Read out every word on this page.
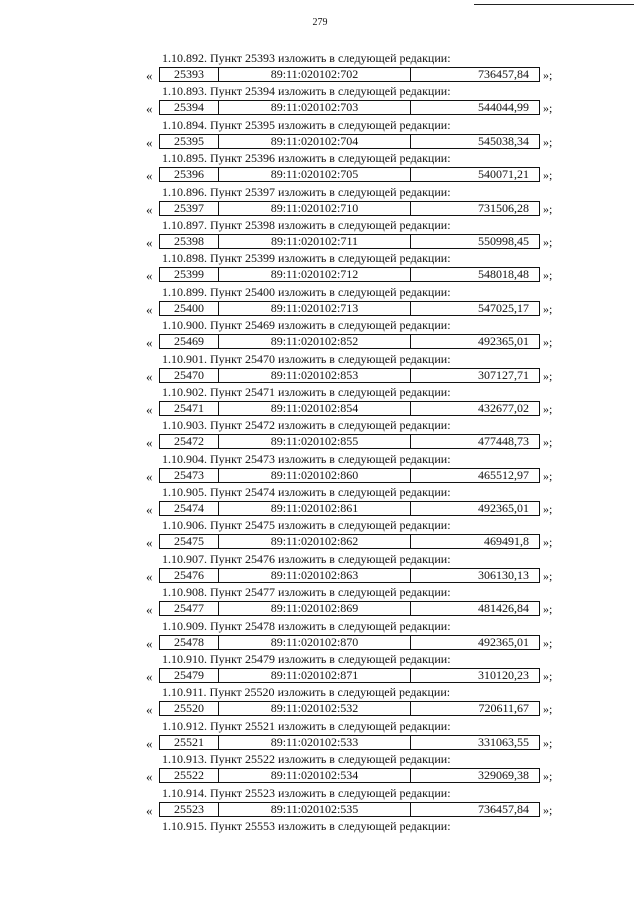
279
1.10.892. Пункт 25393 изложить в следующей редакции:
«	25393	89:11:020102:702	736457,84	»;
1.10.893. Пункт 25394 изложить в следующей редакции:
«	25394	89:11:020102:703	544044,99	»;
1.10.894. Пункт 25395 изложить в следующей редакции:
«	25395	89:11:020102:704	545038,34	»;
1.10.895. Пункт 25396 изложить в следующей редакции:
«	25396	89:11:020102:705	540071,21	»;
1.10.896. Пункт 25397 изложить в следующей редакции:
«	25397	89:11:020102:710	731506,28	»;
1.10.897. Пункт 25398 изложить в следующей редакции:
«	25398	89:11:020102:711	550998,45	»;
1.10.898. Пункт 25399 изложить в следующей редакции:
«	25399	89:11:020102:712	548018,48	»;
1.10.899. Пункт 25400 изложить в следующей редакции:
«	25400	89:11:020102:713	547025,17	»;
1.10.900. Пункт 25469 изложить в следующей редакции:
«	25469	89:11:020102:852	492365,01	»;
1.10.901. Пункт 25470 изложить в следующей редакции:
«	25470	89:11:020102:853	307127,71	»;
1.10.902. Пункт 25471 изложить в следующей редакции:
«	25471	89:11:020102:854	432677,02	»;
1.10.903. Пункт 25472 изложить в следующей редакции:
«	25472	89:11:020102:855	477448,73	»;
1.10.904. Пункт 25473 изложить в следующей редакции:
«	25473	89:11:020102:860	465512,97	»;
1.10.905. Пункт 25474 изложить в следующей редакции:
«	25474	89:11:020102:861	492365,01	»;
1.10.906. Пункт 25475 изложить в следующей редакции:
«	25475	89:11:020102:862	469491,8	»;
1.10.907. Пункт 25476 изложить в следующей редакции:
«	25476	89:11:020102:863	306130,13	»;
1.10.908. Пункт 25477 изложить в следующей редакции:
«	25477	89:11:020102:869	481426,84	»;
1.10.909. Пункт 25478 изложить в следующей редакции:
«	25478	89:11:020102:870	492365,01	»;
1.10.910. Пункт 25479 изложить в следующей редакции:
«	25479	89:11:020102:871	310120,23	»;
1.10.911. Пункт 25520 изложить в следующей редакции:
«	25520	89:11:020102:532	720611,67	»;
1.10.912. Пункт 25521 изложить в следующей редакции:
«	25521	89:11:020102:533	331063,55	»;
1.10.913. Пункт 25522 изложить в следующей редакции:
«	25522	89:11:020102:534	329069,38	»;
1.10.914. Пункт 25523 изложить в следующей редакции:
«	25523	89:11:020102:535	736457,84	»;
1.10.915. Пункт 25553 изложить в следующей редакции:
